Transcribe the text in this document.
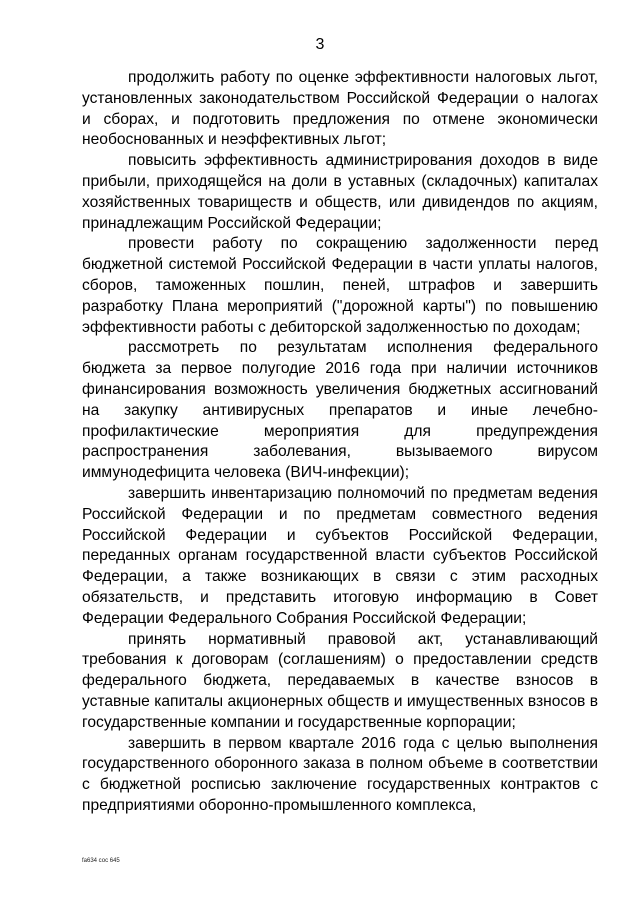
3

продолжить работу по оценке эффективности налоговых льгот, установленных законодательством Российской Федерации о налогах и сборах, и подготовить предложения по отмене экономически необоснованных и неэффективных льгот;

повысить эффективность администрирования доходов в виде прибыли, приходящейся на доли в уставных (складочных) капиталах хозяйственных товариществ и обществ, или дивидендов по акциям, принадлежащим Российской Федерации;

провести работу по сокращению задолженности перед бюджетной системой Российской Федерации в части уплаты налогов, сборов, таможенных пошлин, пеней, штрафов и завершить разработку Плана мероприятий ("дорожной карты") по повышению эффективности работы с дебиторской задолженностью по доходам;

рассмотреть по результатам исполнения федерального бюджета за первое полугодие 2016 года при наличии источников финансирования возможность увеличения бюджетных ассигнований на закупку антивирусных препаратов и иные лечебно-профилактические мероприятия для предупреждения распространения заболевания, вызываемого вирусом иммунодефицита человека (ВИЧ-инфекции);

завершить инвентаризацию полномочий по предметам ведения Российской Федерации и по предметам совместного ведения Российской Федерации и субъектов Российской Федерации, переданных органам государственной власти субъектов Российской Федерации, а также возникающих в связи с этим расходных обязательств, и представить итоговую информацию в Совет Федерации Федерального Собрания Российской Федерации;

принять нормативный правовой акт, устанавливающий требования к договорам (соглашениям) о предоставлении средств федерального бюджета, передаваемых в качестве взносов в уставные капиталы акционерных обществ и имущественных взносов в государственные компании и государственные корпорации;

завершить в первом квартале 2016 года с целью выполнения государственного оборонного заказа в полном объеме в соответствии с бюджетной росписью заключение государственных контрактов с предприятиями оборонно-промышленного комплекса,

fa634 соc 645
